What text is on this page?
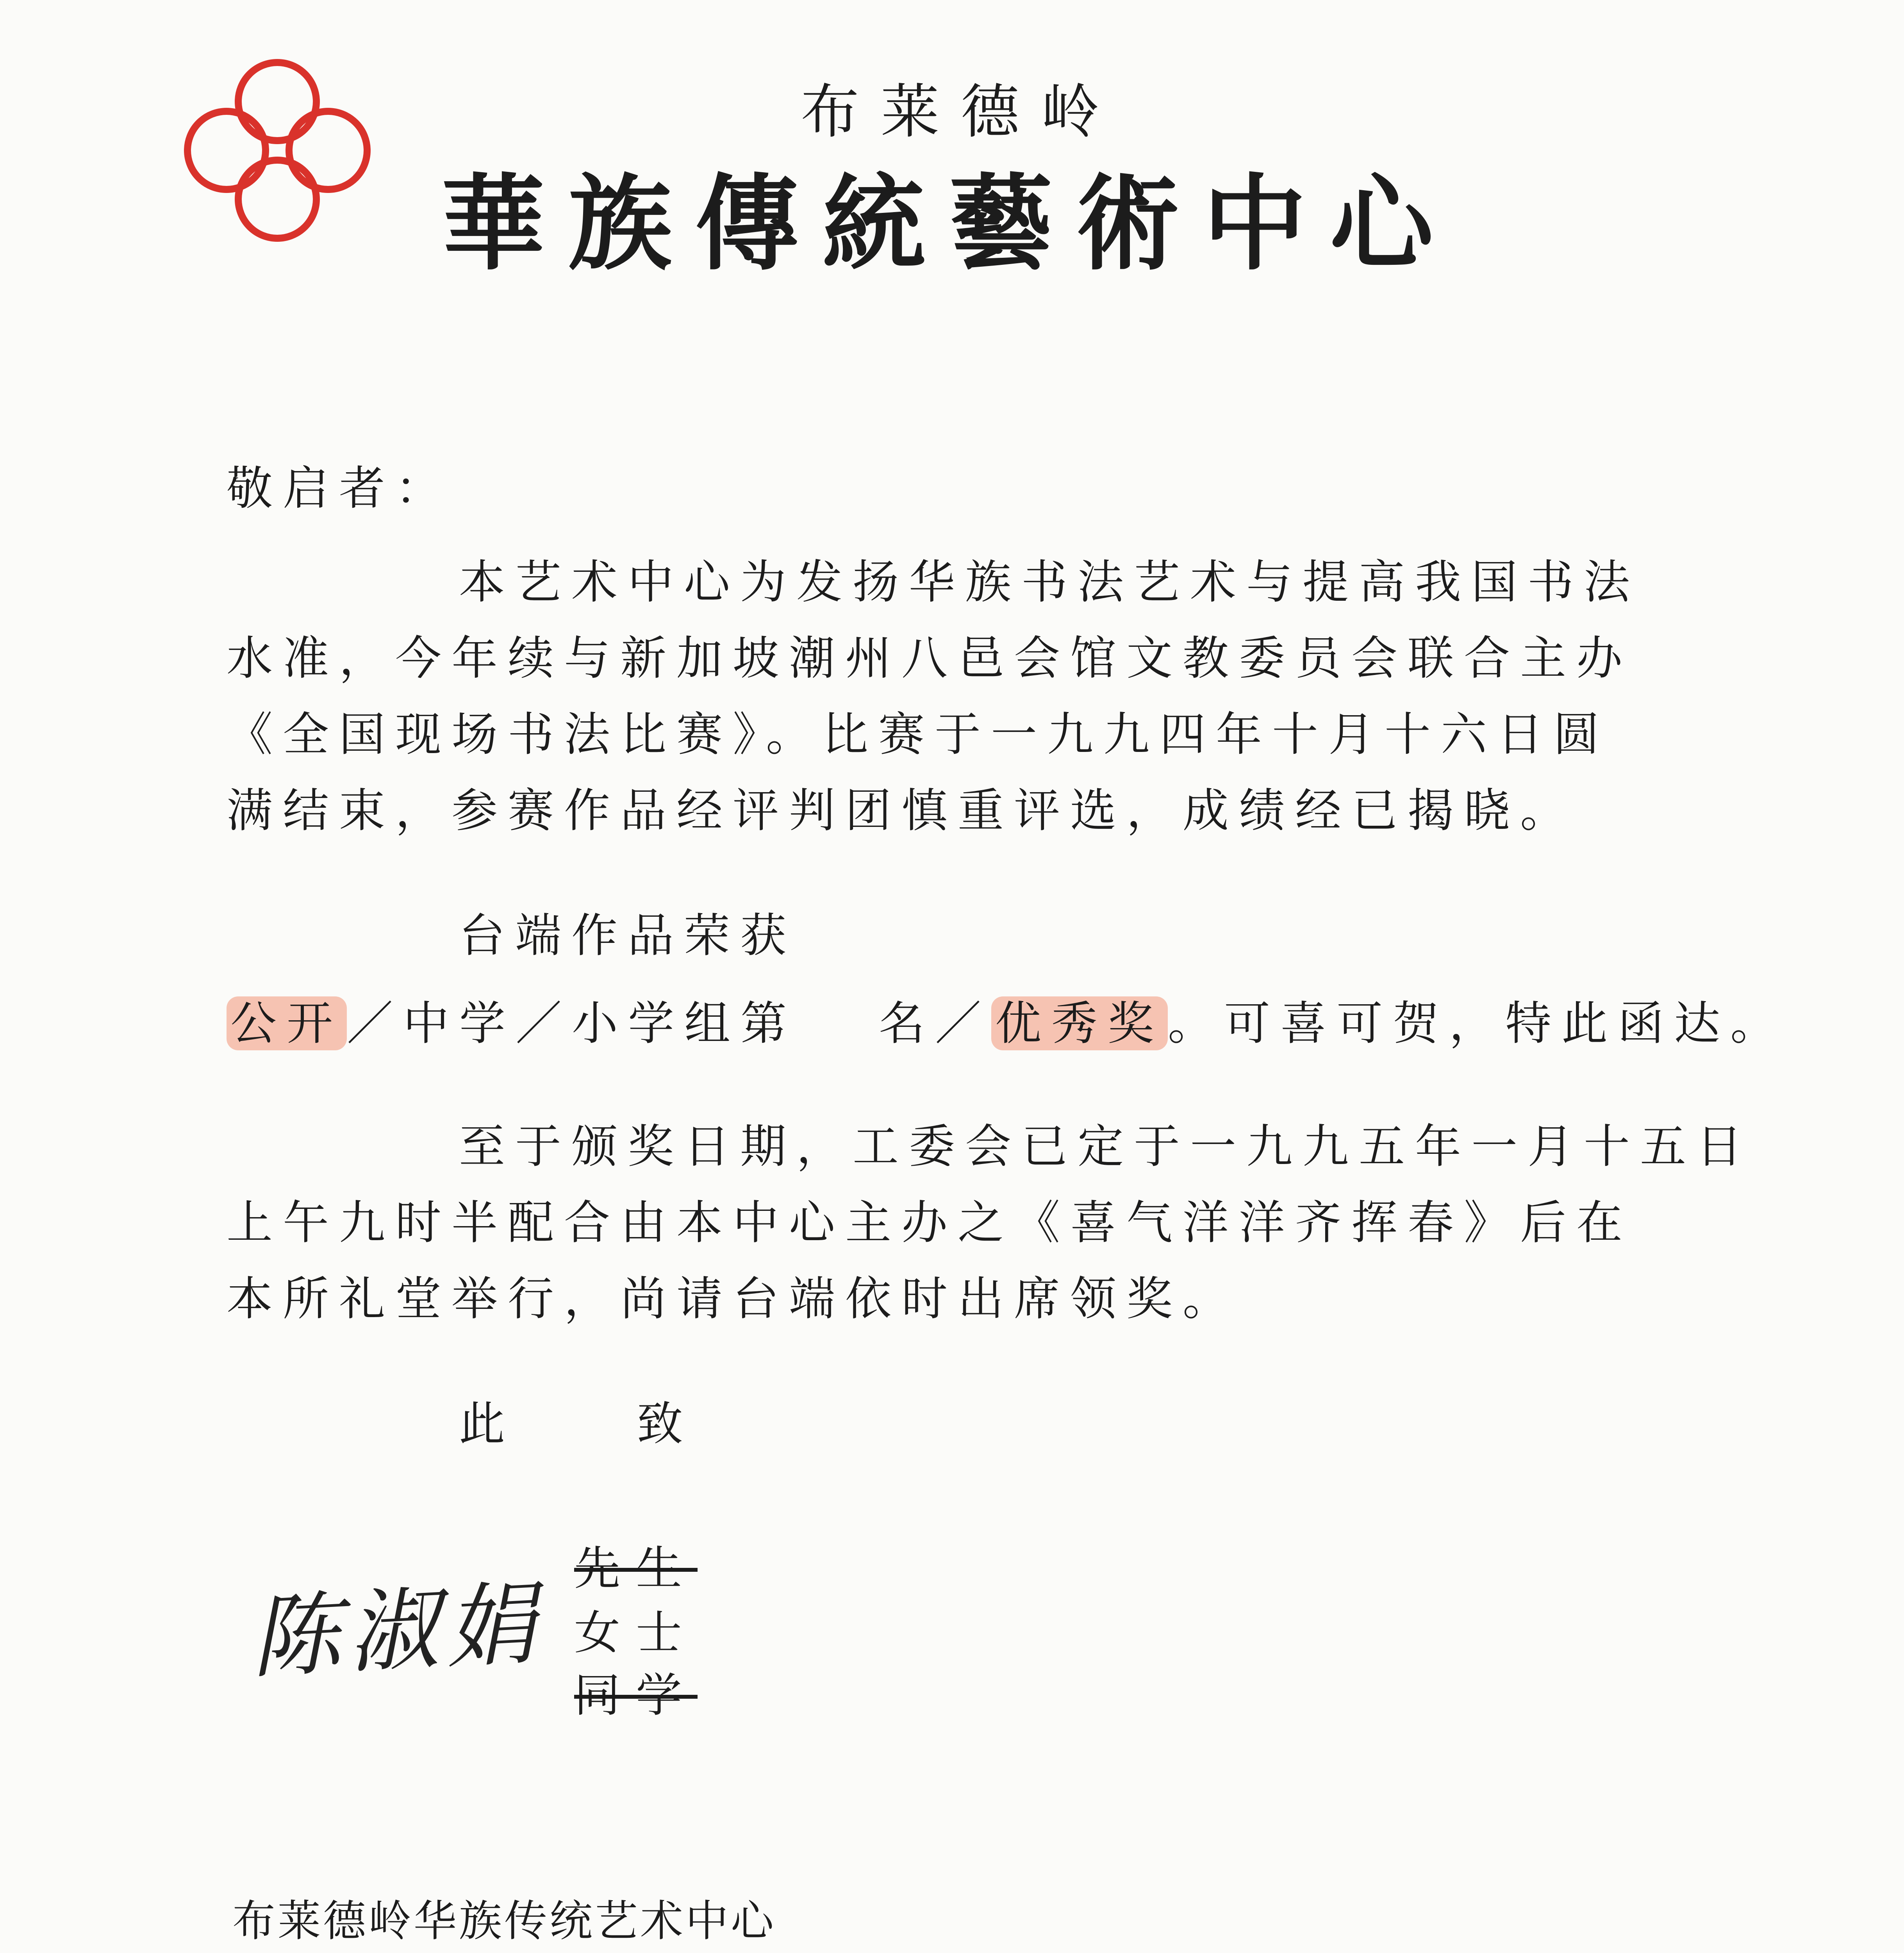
布莱德岭
華族傳統藝術中心
敬启者：
本艺术中心为发扬华族书法艺术与提高我国书法
水准，今年续与新加坡潮州八邑会馆文教委员会联合主办
《全国现场书法比赛》。比赛于一九九四年十月十六日圆
满结束，参赛作品经评判团慎重评选，成绩经已揭晓。
台端作品荣获
公开／中学／小学组第 名／优秀奖。可喜可贺，特此函达。
至于颁奖日期，工委会已定于一九九五年一月十五日
上午九时半配合由本中心主办之《喜气洋洋齐挥春》后在
本所礼堂举行，尚请台端依时出席领奖。
此 致
陈淑娟
先生
女士
同学
布莱德岭华族传统艺术中心
